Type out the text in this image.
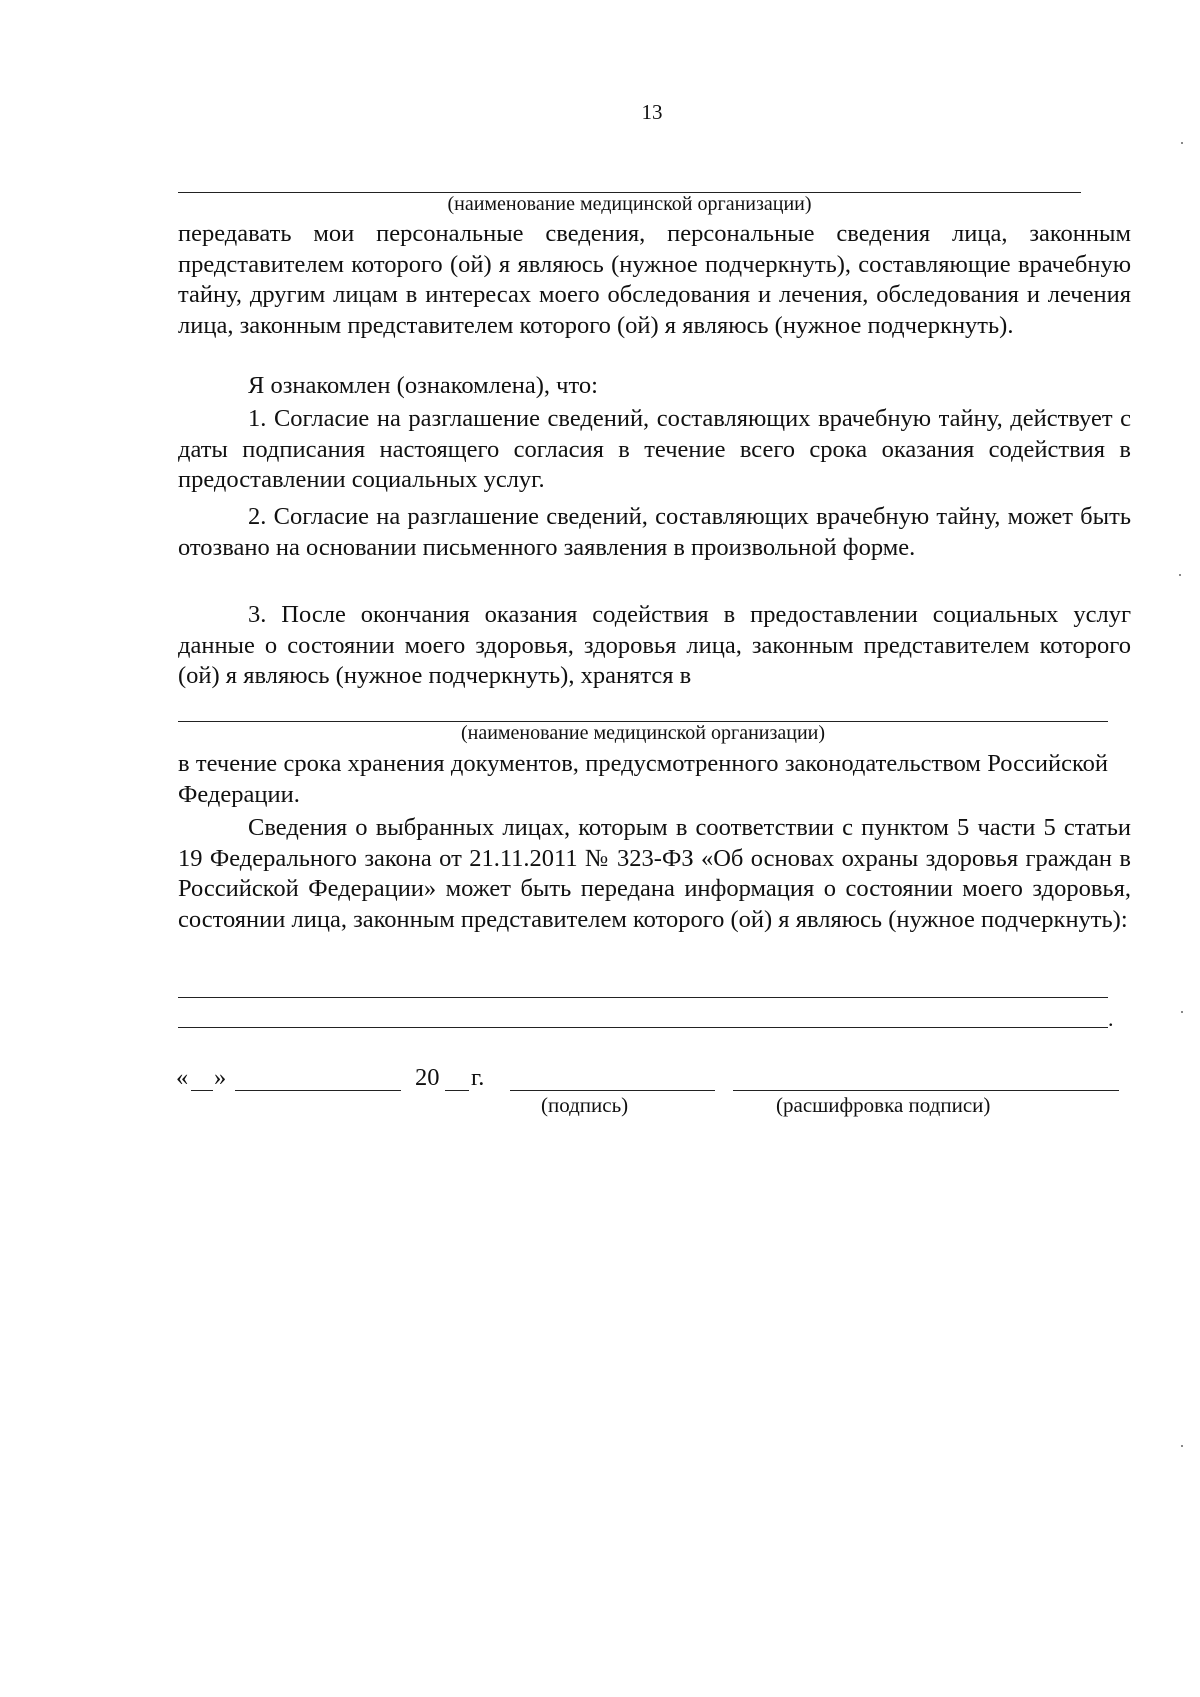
13
(наименование медицинской организации)
передавать мои персональные сведения, персональные сведения лица, законным представителем которого (ой) я являюсь (нужное подчеркнуть), составляющие врачебную тайну, другим лицам в интересах моего обследования и лечения, обследования и лечения лица, законным представителем которого (ой) я являюсь (нужное подчеркнуть).
Я ознакомлен (ознакомлена), что:
1. Согласие на разглашение сведений, составляющих врачебную тайну, действует с даты подписания настоящего согласия в течение всего срока оказания содействия в предоставлении социальных услуг.
2. Согласие на разглашение сведений, составляющих врачебную тайну, может быть отозвано на основании письменного заявления в произвольной форме.
3. После окончания оказания содействия в предоставлении социальных услуг данные о состоянии моего здоровья, здоровья лица, законным представителем которого (ой) я являюсь (нужное подчеркнуть), хранятся в
(наименование медицинской организации)
в течение срока хранения документов, предусмотренного законодательством Российской Федерации.
Сведения о выбранных лицах, которым в соответствии с пунктом 5 части 5 статьи 19 Федерального закона от 21.11.2011 № 323-ФЗ «Об основах охраны здоровья граждан в Российской Федерации» может быть передана информация о состоянии моего здоровья, состоянии лица, законным представителем которого (ой) я являюсь (нужное подчеркнуть):
.
« »	20 г.
(подпись)	(расшифровка подписи)
